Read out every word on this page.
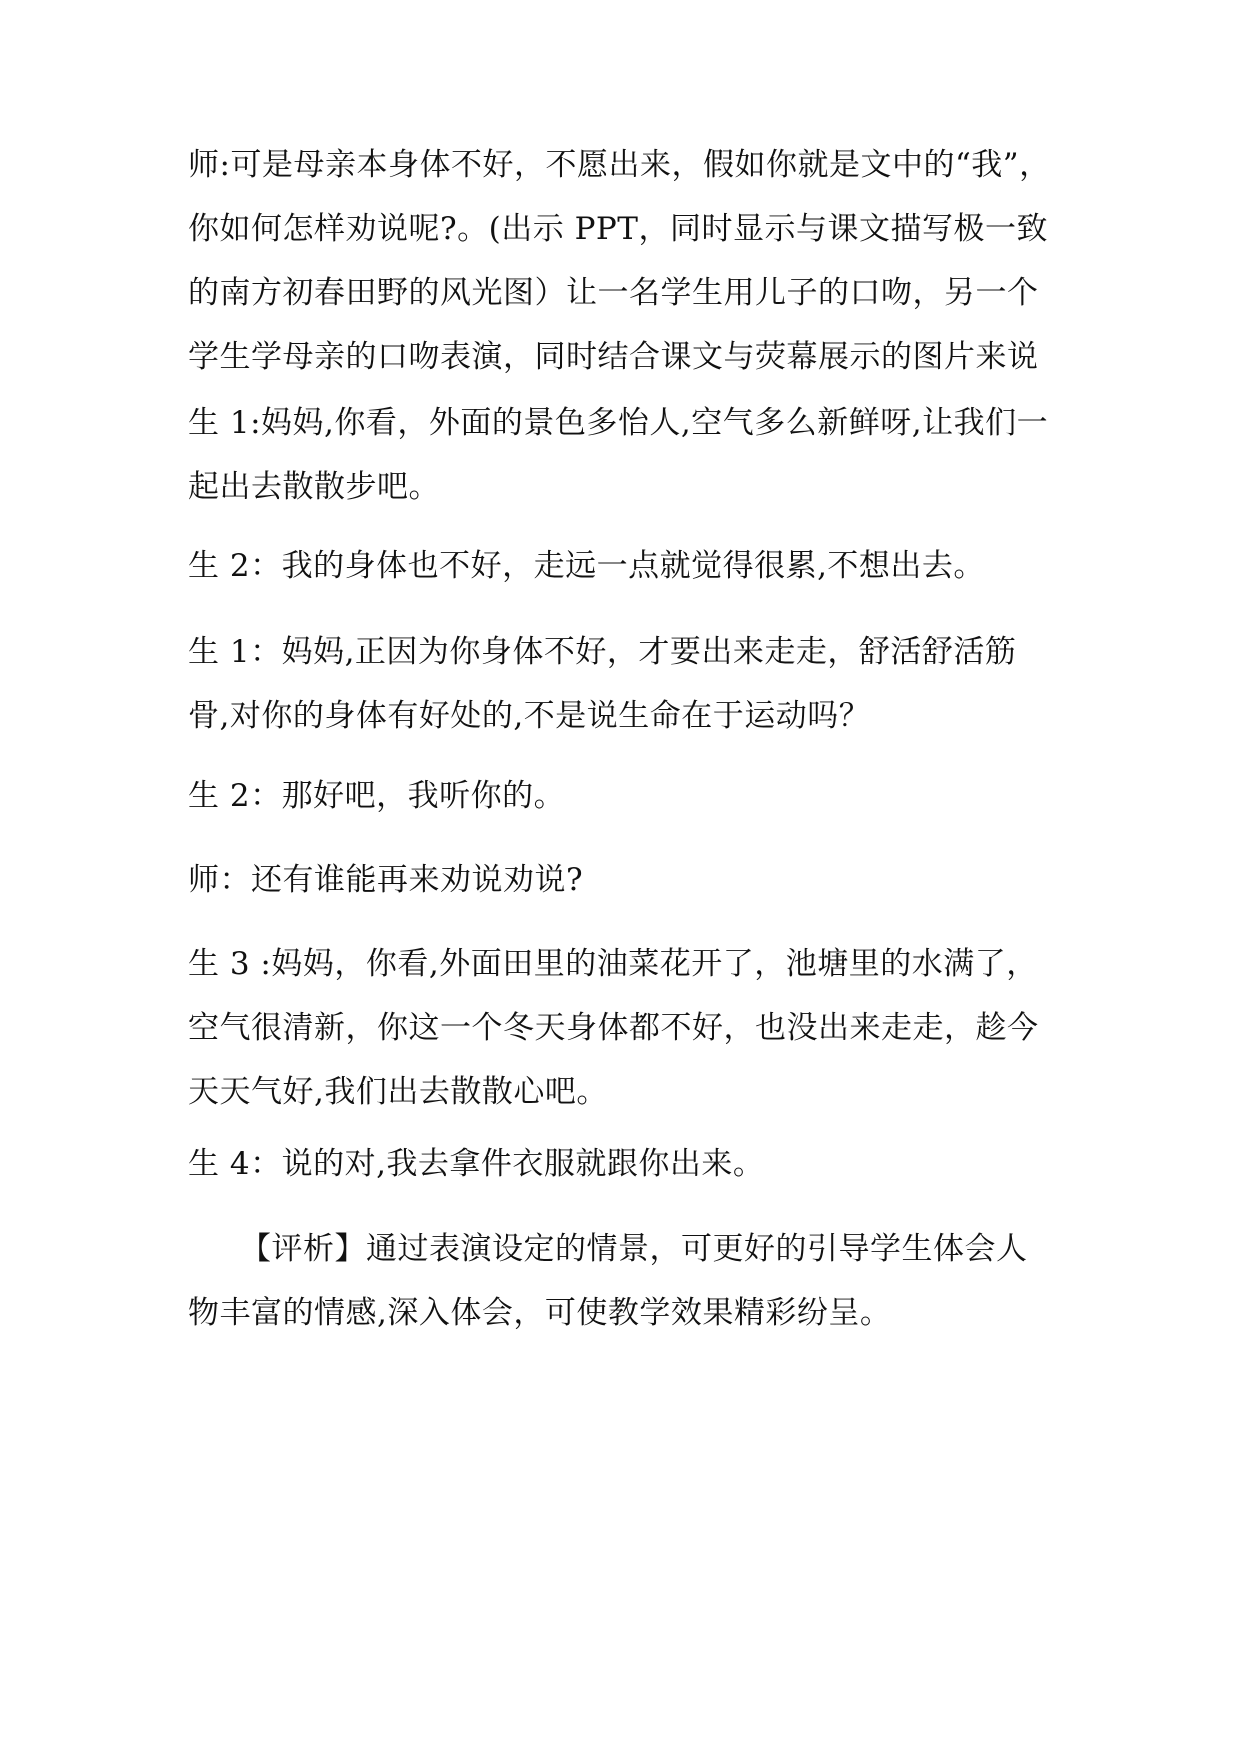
师:可是母亲本身体不好，不愿出来，假如你就是文中的“我”，你如何怎样劝说呢?。(出示 PPT，同时显示与课文描写极一致的南方初春田野的风光图）让一名学生用儿子的口吻，另一个学生学母亲的口吻表演，同时结合课文与荧幕展示的图片来说

生 1:妈妈,你看，外面的景色多怡人,空气多么新鲜呀,让我们一起出去散散步吧。

生 2：我的身体也不好，走远一点就觉得很累,不想出去。

生 1：妈妈,正因为你身体不好，才要出来走走，舒活舒活筋骨,对你的身体有好处的,不是说生命在于运动吗？

生 2：那好吧，我听你的。

师：还有谁能再来劝说劝说?

生 3 :妈妈，你看,外面田里的油菜花开了，池塘里的水满了，空气很清新，你这一个冬天身体都不好，也没出来走走，趁今天天气好,我们出去散散心吧。

生 4：说的对,我去拿件衣服就跟你出来。

【评析】通过表演设定的情景，可更好的引导学生体会人物丰富的情感,深入体会，可使教学效果精彩纷呈。
